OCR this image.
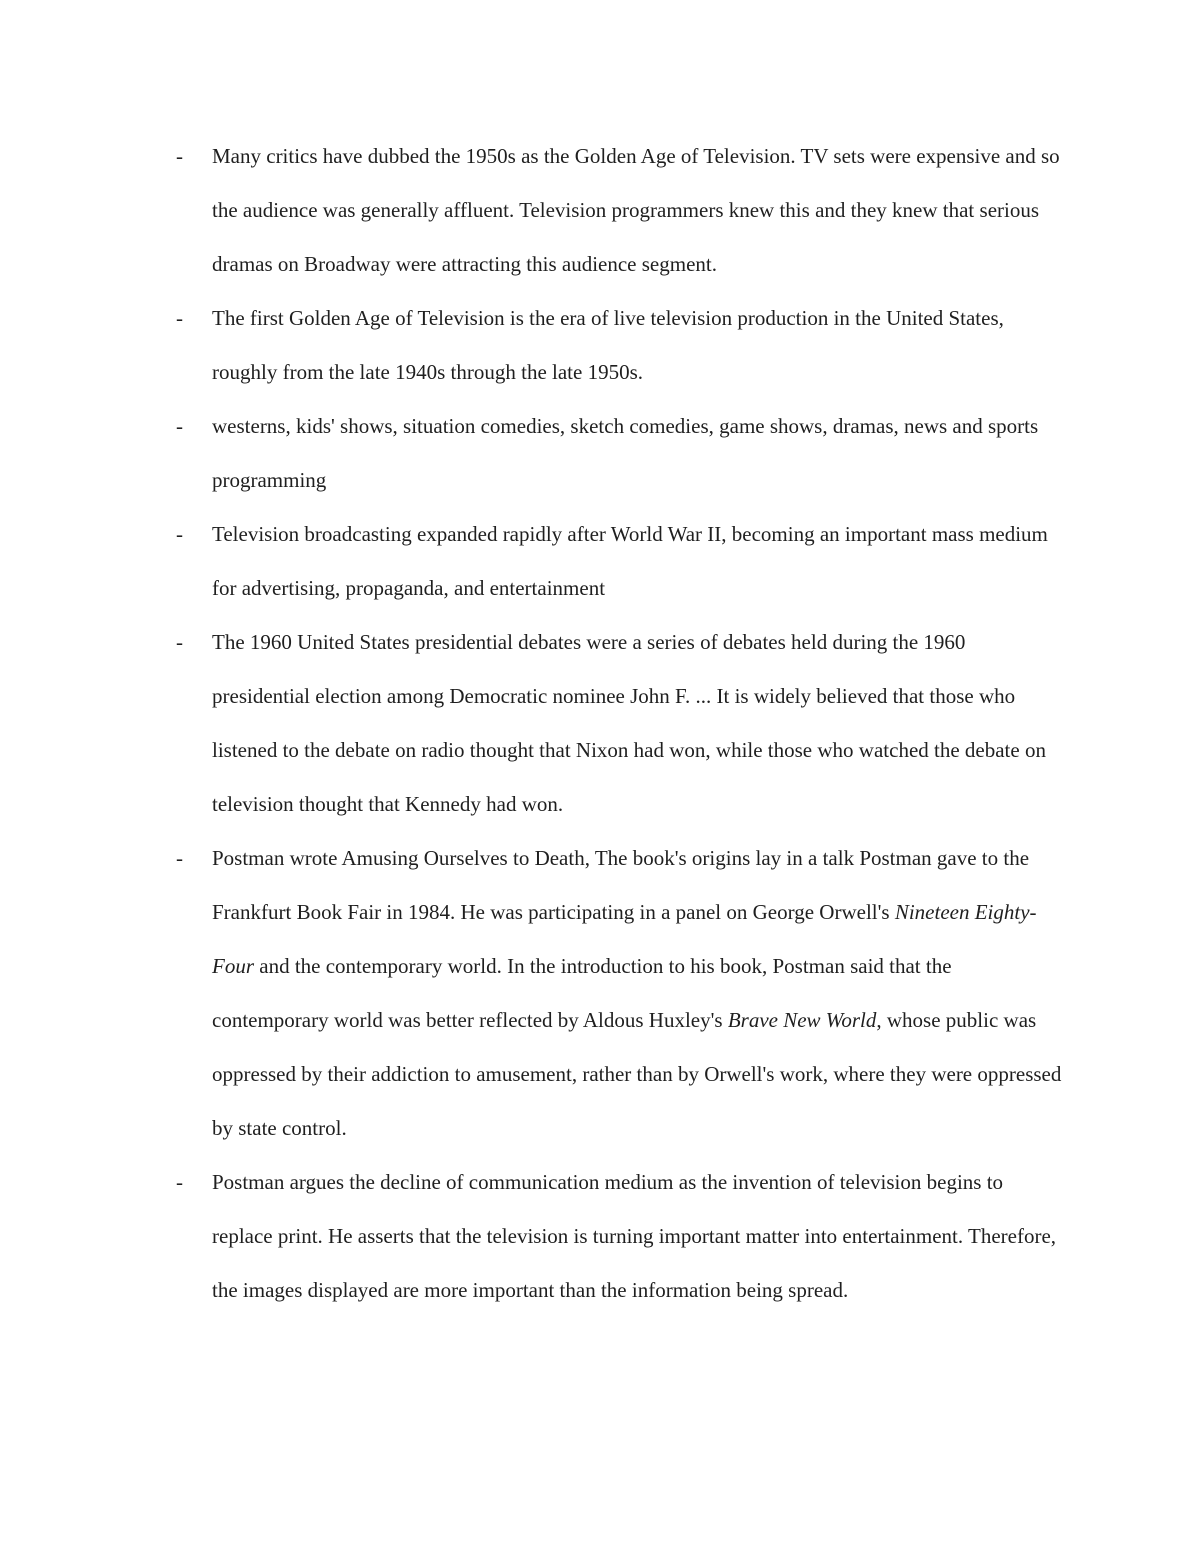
-	Many critics have dubbed the 1950s as the Golden Age of Television. TV sets were expensive and so the audience was generally affluent. Television programmers knew this and they knew that serious dramas on Broadway were attracting this audience segment.
-	The first Golden Age of Television is the era of live television production in the United States, roughly from the late 1940s through the late 1950s.
-	westerns, kids' shows, situation comedies, sketch comedies, game shows, dramas, news and sports programming
-	Television broadcasting expanded rapidly after World War II, becoming an important mass medium for advertising, propaganda, and entertainment
-	The 1960 United States presidential debates were a series of debates held during the 1960 presidential election among Democratic nominee John F. ... It is widely believed that those who listened to the debate on radio thought that Nixon had won, while those who watched the debate on television thought that Kennedy had won.
-	Postman wrote Amusing Ourselves to Death, The book's origins lay in a talk Postman gave to the Frankfurt Book Fair in 1984. He was participating in a panel on George Orwell's Nineteen Eighty-Four and the contemporary world. In the introduction to his book, Postman said that the contemporary world was better reflected by Aldous Huxley's Brave New World, whose public was oppressed by their addiction to amusement, rather than by Orwell's work, where they were oppressed by state control.
-	Postman argues the decline of communication medium as the invention of television begins to replace print. He asserts that the television is turning important matter into entertainment. Therefore, the images displayed are more important than the information being spread.
